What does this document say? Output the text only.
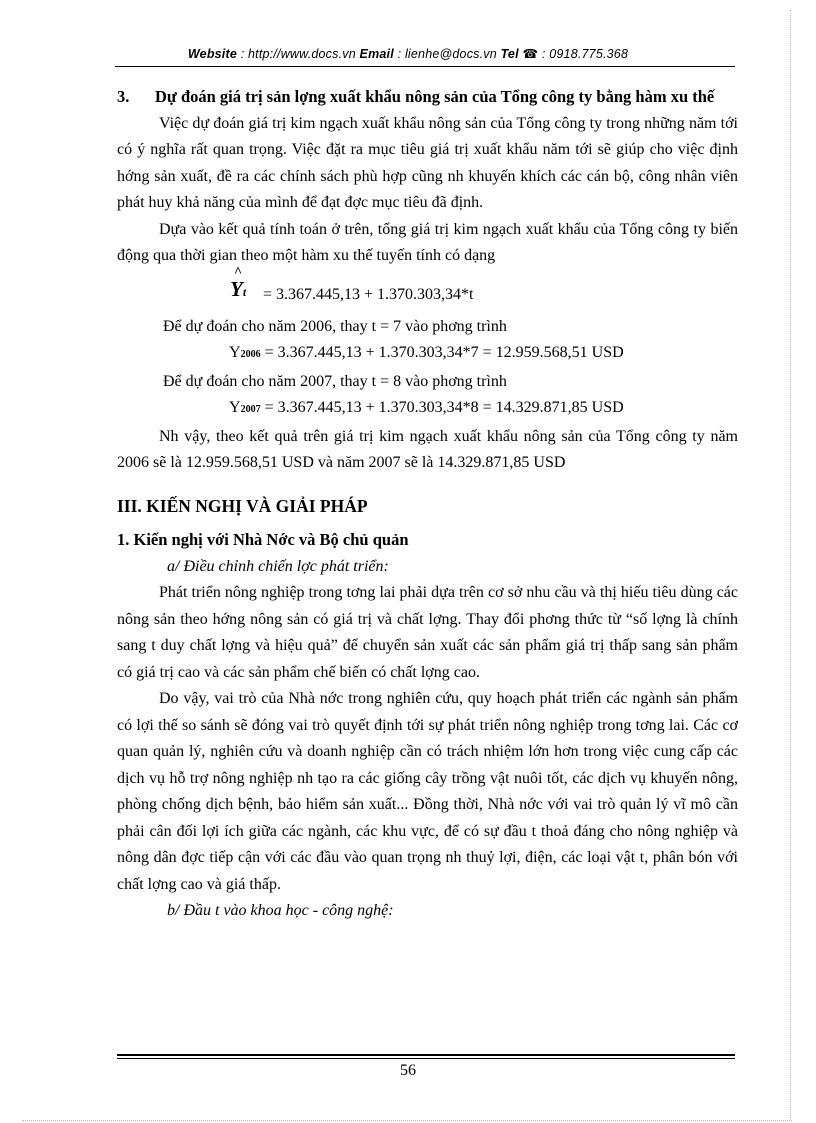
Website : http://www.docs.vn Email : lienhe@docs.vn Tel ☎ : 0918.775.368
3.	Dự đoán giá trị sản lợng xuất khẩu nông sản của Tổng công ty bằng hàm xu thế

Việc dự đoán giá trị kim ngạch xuất khẩu nông sản của Tổng công ty trong những năm tới có ý nghĩa rất quan trọng. Việc đặt ra mục tiêu giá trị xuất khẩu năm tới sẽ giúp cho việc định hớng sản xuất, đề ra các chính sách phù hợp cũng nh khuyến khích các cán bộ, công nhân viên phát huy khả năng của mình để đạt đợc mục tiêu đã định.

Dựa vào kết quả tính toán ở trên, tổng giá trị kim ngạch xuất khẩu của Tổng công ty biến động qua thời gian theo một hàm xu thế tuyến tính có dạng

^
Yt = 3.367.445,13 + 1.370.303,34*t

Để dự đoán cho năm 2006, thay t = 7 vào phơng trình

Y2006 = 3.367.445,13 + 1.370.303,34*7 = 12.959.568,51 USD

Để dự đoán cho năm 2007, thay t = 8 vào phơng trình

Y2007 = 3.367.445,13 + 1.370.303,34*8 = 14.329.871,85 USD

Nh vậy, theo kết quả trên giá trị kim ngạch xuất khẩu nông sản của Tổng công ty năm 2006 sẽ là 12.959.568,51 USD và năm 2007 sẽ là 14.329.871,85 USD

III. KIẾN NGHỊ VÀ GIẢI PHÁP
1. Kiến nghị với Nhà Nớc và Bộ chủ quản

a/ Điều chỉnh chiến lợc phát triển:

Phát triển nông nghiệp trong tơng lai phải dựa trên cơ sở nhu cầu và thị hiếu tiêu dùng các nông sản theo hớng nông sản có giá trị và chất lợng. Thay đổi phơng thức từ “số lợng là chính sang t duy chất lợng và hiệu quả” để chuyển sản xuất các sản phẩm giá trị thấp sang sản phẩm có giá trị cao và các sản phẩm chế biến có chất lợng cao.

Do vậy, vai trò của Nhà nớc trong nghiên cứu, quy hoạch phát triển các ngành sản phẩm có lợi thế so sánh sẽ đóng vai trò quyết định tới sự phát triển nông nghiệp trong tơng lai. Các cơ quan quản lý, nghiên cứu và doanh nghiệp cần có trách nhiệm lớn hơn trong việc cung cấp các dịch vụ hỗ trợ nông nghiệp nh tạo ra các giống cây trồng vật nuôi tốt, các dịch vụ khuyến nông, phòng chống dịch bệnh, bảo hiểm sản xuất... Đồng thời, Nhà nớc với vai trò quản lý vĩ mô cần phải cân đối lợi ích giữa các ngành, các khu vực, để có sự đầu t thoả đáng cho nông nghiệp và nông dân đợc tiếp cận với các đầu vào quan trọng nh thuỷ lợi, điện, các loại vật t, phân bón với chất lợng cao và giá thấp.

b/ Đầu t vào khoa học - công nghệ:

56
